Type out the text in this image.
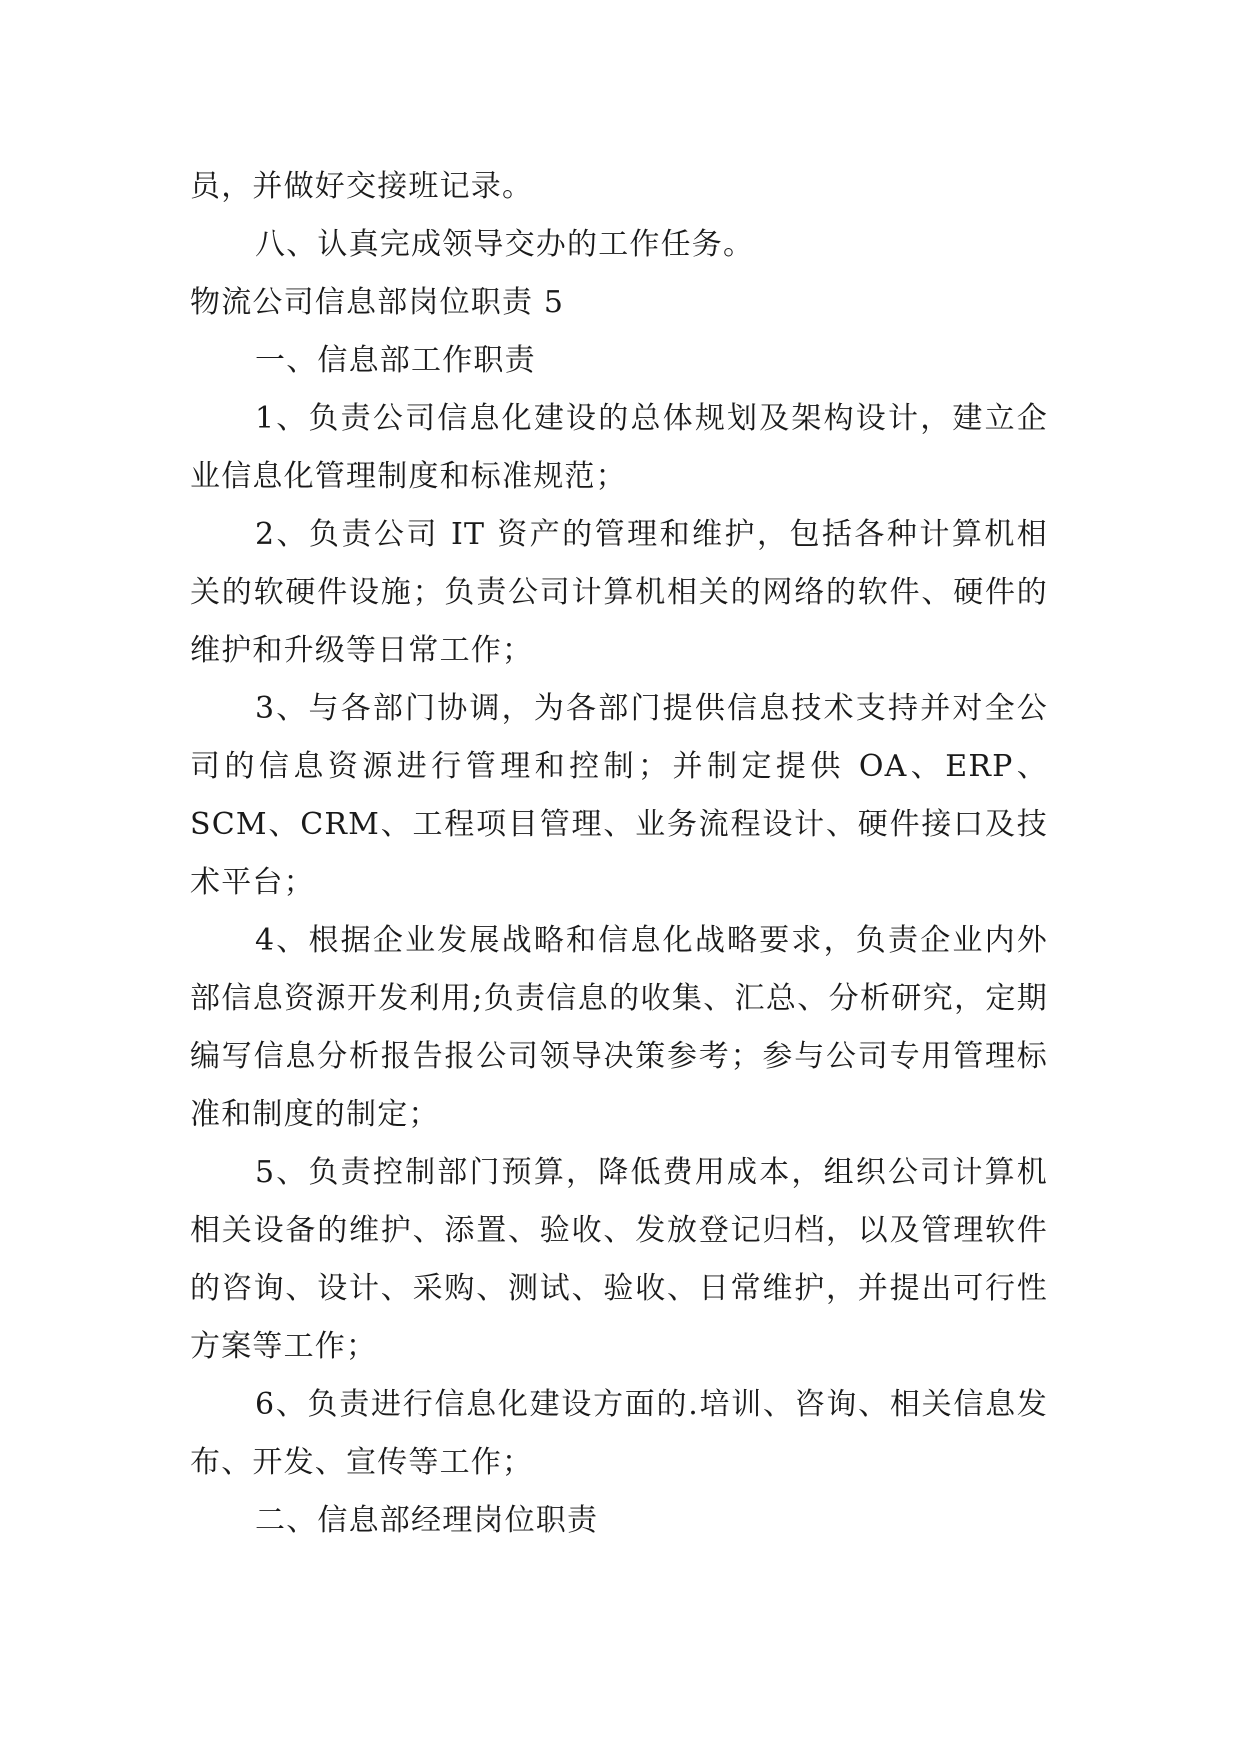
员，并做好交接班记录。

八、认真完成领导交办的工作任务。

物流公司信息部岗位职责 5

一、信息部工作职责

1、负责公司信息化建设的总体规划及架构设计，建立企业信息化管理制度和标准规范；

2、负责公司 IT 资产的管理和维护，包括各种计算机相关的软硬件设施；负责公司计算机相关的网络的软件、硬件的维护和升级等日常工作；

3、与各部门协调，为各部门提供信息技术支持并对全公司的信息资源进行管理和控制；并制定提供 OA、ERP、SCM、CRM、工程项目管理、业务流程设计、硬件接口及技术平台；

4、根据企业发展战略和信息化战略要求，负责企业内外部信息资源开发利用;负责信息的收集、汇总、分析研究，定期编写信息分析报告报公司领导决策参考；参与公司专用管理标准和制度的制定；

5、负责控制部门预算，降低费用成本，组织公司计算机相关设备的维护、添置、验收、发放登记归档，以及管理软件的咨询、设计、采购、测试、验收、日常维护，并提出可行性方案等工作；

6、负责进行信息化建设方面的.培训、咨询、相关信息发布、开发、宣传等工作；

二、信息部经理岗位职责
